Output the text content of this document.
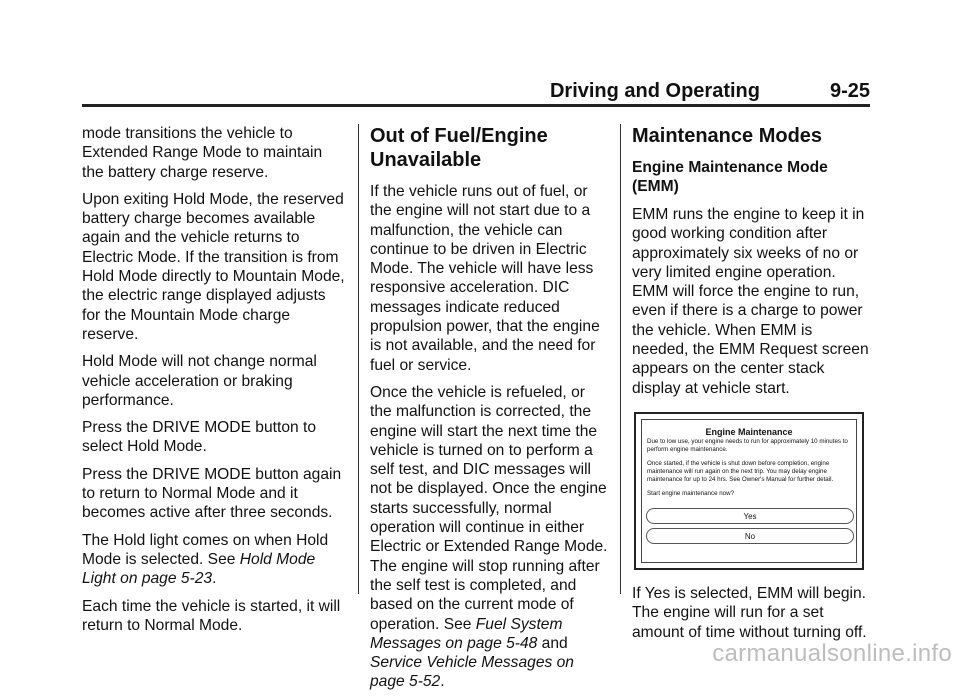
Driving and Operating	9-25

mode transitions the vehicle to Extended Range Mode to maintain the battery charge reserve.

Upon exiting Hold Mode, the reserved battery charge becomes available again and the vehicle returns to Electric Mode. If the transition is from Hold Mode directly to Mountain Mode, the electric range displayed adjusts for the Mountain Mode charge reserve.

Hold Mode will not change normal vehicle acceleration or braking performance.

Press the DRIVE MODE button to select Hold Mode.

Press the DRIVE MODE button again to return to Normal Mode and it becomes active after three seconds.

The Hold light comes on when Hold Mode is selected. See Hold Mode Light on page 5-23.

Each time the vehicle is started, it will return to Normal Mode.

Out of Fuel/Engine Unavailable

If the vehicle runs out of fuel, or the engine will not start due to a malfunction, the vehicle can continue to be driven in Electric Mode. The vehicle will have less responsive acceleration. DIC messages indicate reduced propulsion power, that the engine is not available, and the need for fuel or service.

Once the vehicle is refueled, or the malfunction is corrected, the engine will start the next time the vehicle is turned on to perform a self test, and DIC messages will not be displayed. Once the engine starts successfully, normal operation will continue in either Electric or Extended Range Mode. The engine will stop running after the self test is completed, and based on the current mode of operation. See Fuel System Messages on page 5-48 and Service Vehicle Messages on page 5-52.

Maintenance Modes
Engine Maintenance Mode (EMM)

EMM runs the engine to keep it in good working condition after approximately six weeks of no or very limited engine operation. EMM will force the engine to run, even if there is a charge to power the vehicle. When EMM is needed, the EMM Request screen appears on the center stack display at vehicle start.

Engine Maintenance
Due to low use, your engine needs to run for approximately 10 minutes to perform engine maintenance.
Once started, if the vehicle is shut down before completion, engine maintenance will run again on the next trip. You may delay engine maintenance for up to 24 hrs. See Owner's Manual for further detail.
Start engine maintenance now?
Yes
No

If Yes is selected, EMM will begin. The engine will run for a set amount of time without turning off.

carmanualsonline.info
